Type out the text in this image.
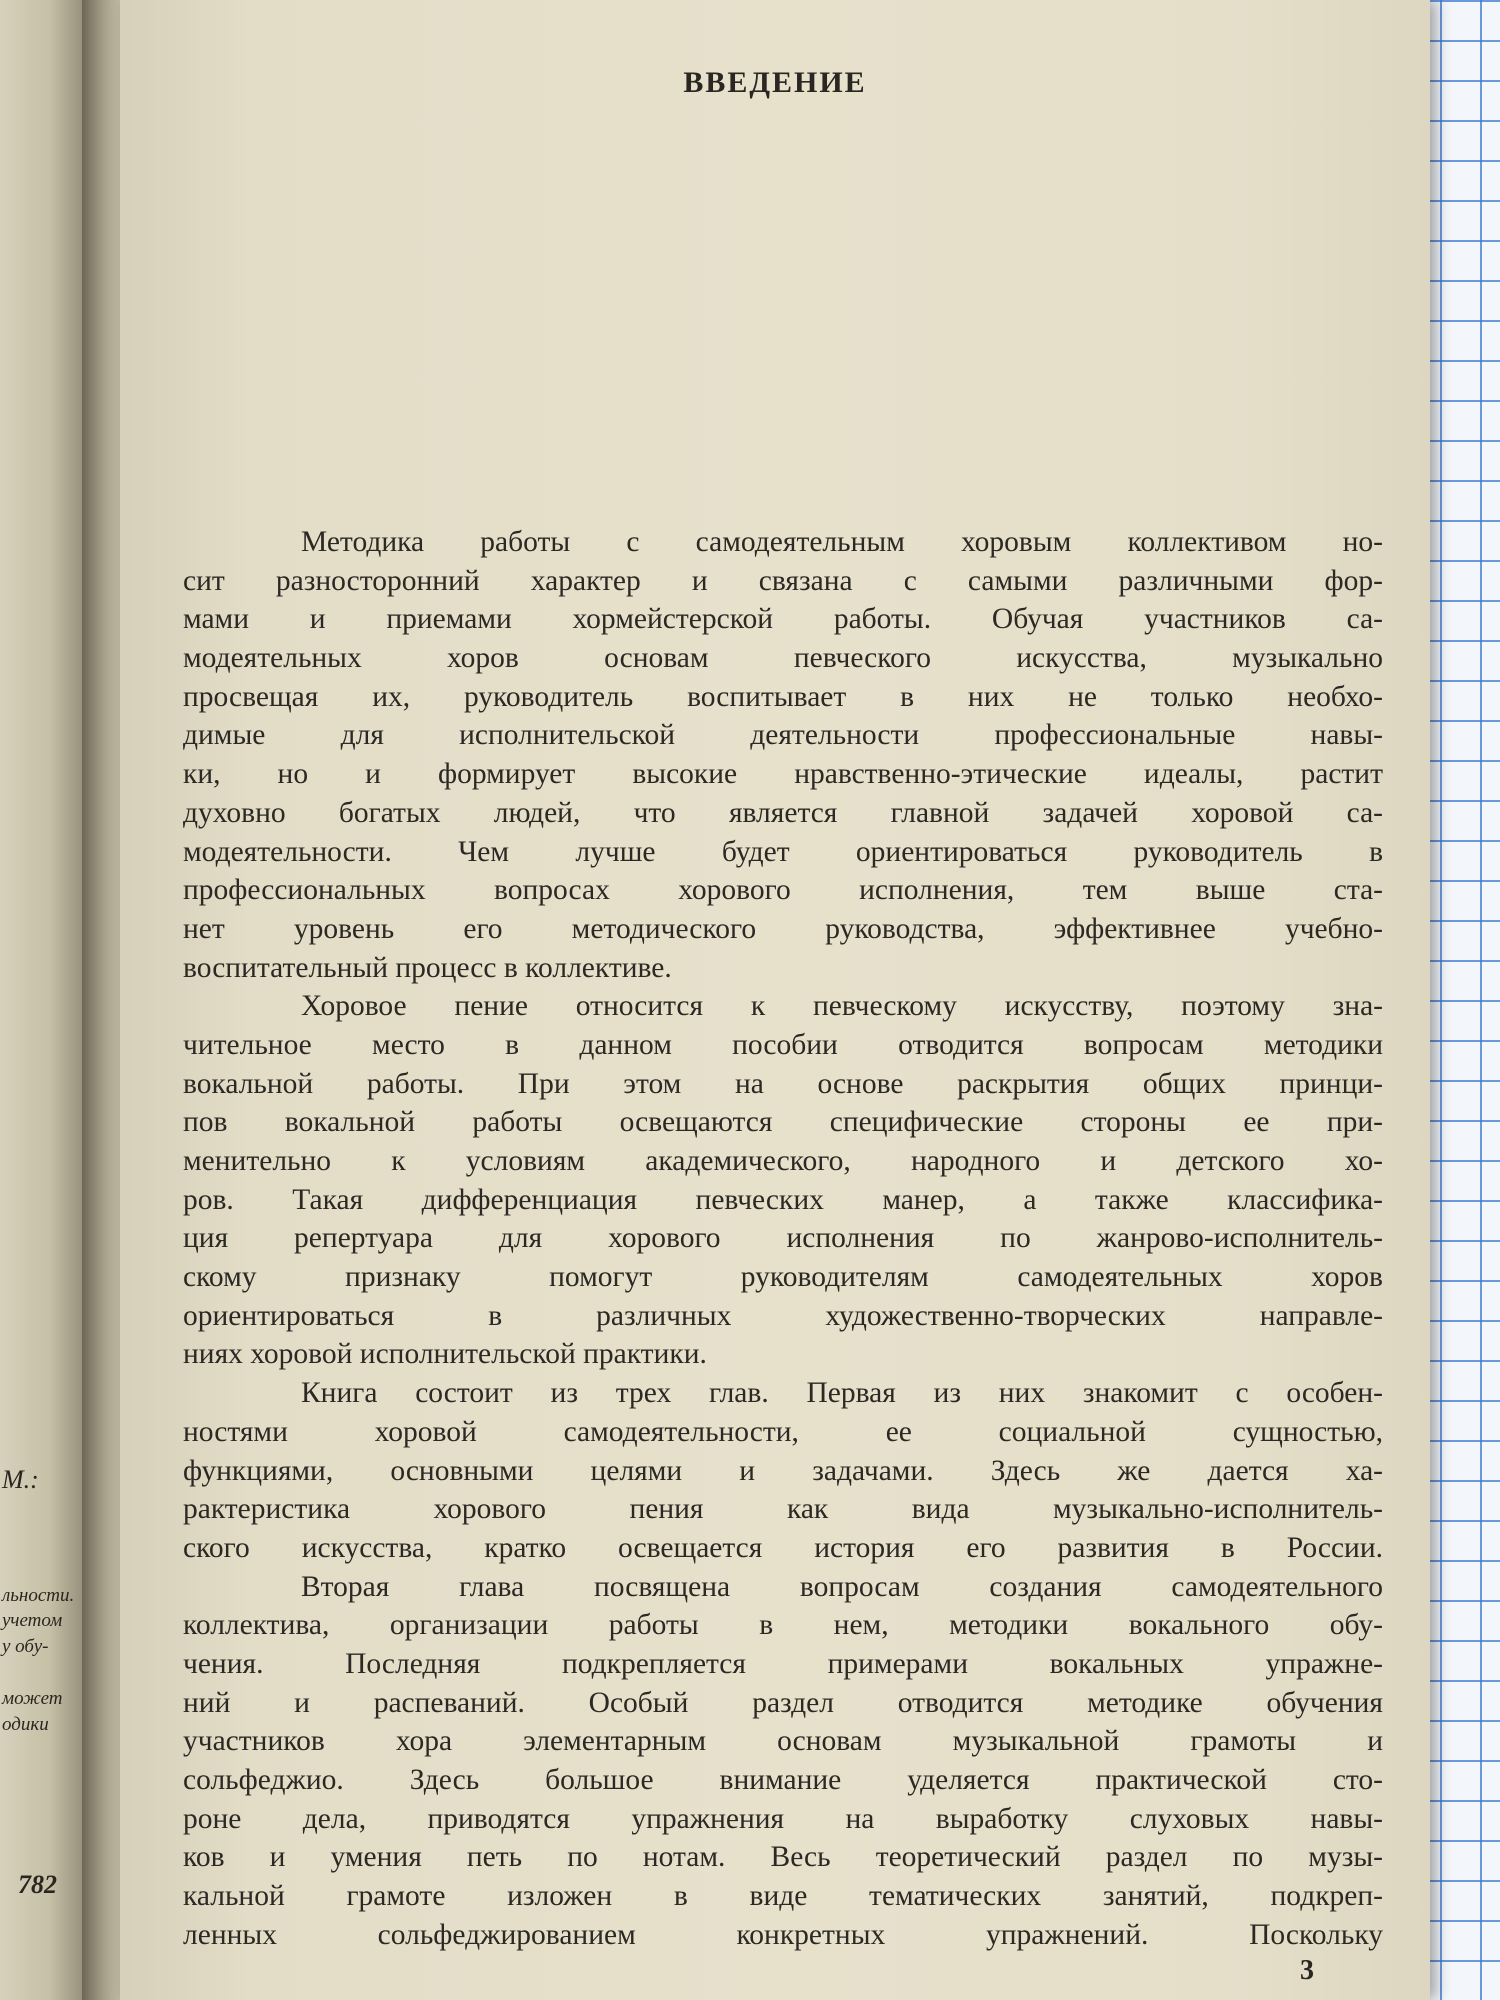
М.:
льности.
учетом
у обу-
может
одики
782
ВВЕДЕНИЕ
Методика работы с самодеятельным хоровым коллективом но-
сит разносторонний характер и связана с самыми различными фор-
мами и приемами хормейстерской работы. Обучая участников са-
модеятельных хоров основам певческого искусства, музыкально
просвещая их, руководитель воспитывает в них не только необхо-
димые для исполнительской деятельности профессиональные навы-
ки, но и формирует высокие нравственно-этические идеалы, растит
духовно богатых людей, что является главной задачей хоровой са-
модеятельности. Чем лучше будет ориентироваться руководитель в
профессиональных вопросах хорового исполнения, тем выше ста-
нет уровень его методического руководства, эффективнее учебно-
воспитательный процесс в коллективе.
Хоровое пение относится к певческому искусству, поэтому зна-
чительное место в данном пособии отводится вопросам методики
вокальной работы. При этом на основе раскрытия общих принци-
пов вокальной работы освещаются специфические стороны ее при-
менительно к условиям академического, народного и детского хо-
ров. Такая дифференциация певческих манер, а также классифика-
ция репертуара для хорового исполнения по жанрово-исполнитель-
скому признаку помогут руководителям самодеятельных хоров
ориентироваться в различных художественно-творческих направле-
ниях хоровой исполнительской практики.
Книга состоит из трех глав. Первая из них знакомит с особен-
ностями хоровой самодеятельности, ее социальной сущностью,
функциями, основными целями и задачами. Здесь же дается ха-
рактеристика хорового пения как вида музыкально-исполнитель-
ского искусства, кратко освещается история его развития в России.
Вторая глава посвящена вопросам создания самодеятельного
коллектива, организации работы в нем, методики вокального обу-
чения. Последняя подкрепляется примерами вокальных упражне-
ний и распеваний. Особый раздел отводится методике обучения
участников хора элементарным основам музыкальной грамоты и
сольфеджио. Здесь большое внимание уделяется практической сто-
роне дела, приводятся упражнения на выработку слуховых навы-
ков и умения петь по нотам. Весь теоретический раздел по музы-
кальной грамоте изложен в виде тематических занятий, подкреп-
ленных сольфеджированием конкретных упражнений. Поскольку
3
